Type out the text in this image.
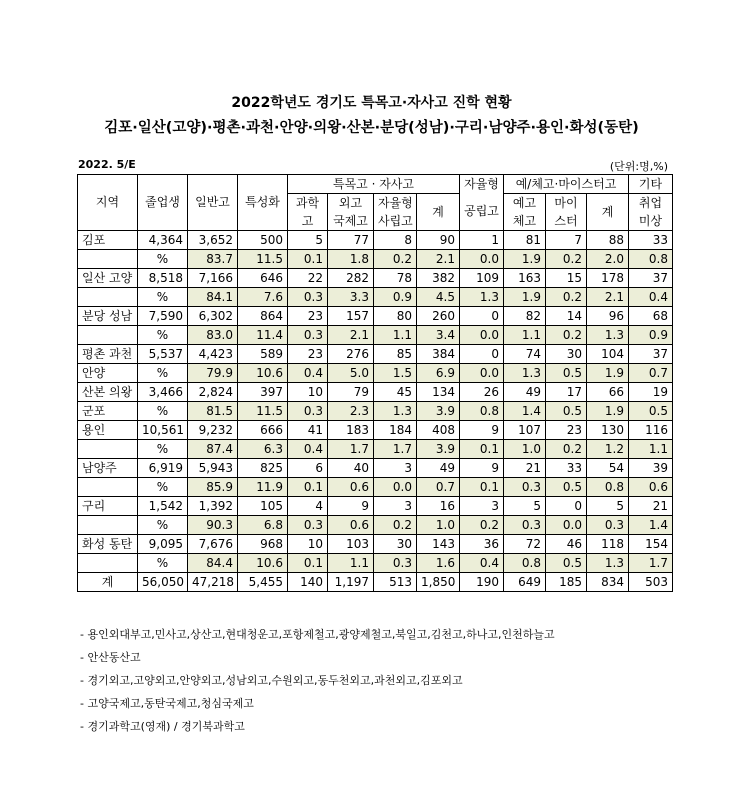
2022학년도 경기도 특목고·자사고 진학 현황
김포·일산(고양)·평촌·과천·안양·의왕·산본·분당(성남)·구리·남양주·용인·화성(동탄)
2022. 5/E	(단위:명,%)
지역	졸업생	일반고	특성화	특목고 · 자사고				자율형	예/체고·마이스터고			기타
				과학	외고	자율형	계	공립고	예고	마이	계	취업
				고	국제고	사립고			체고	스터		미상
김포	4,364	3,652	500	5	77	8	90	1	81	7	88	33
	%	83.7	11.5	0.1	1.8	0.2	2.1	0.0	1.9	0.2	2.0	0.8
일산 고양	8,518	7,166	646	22	282	78	382	109	163	15	178	37
	%	84.1	7.6	0.3	3.3	0.9	4.5	1.3	1.9	0.2	2.1	0.4
분당 성남	7,590	6,302	864	23	157	80	260	0	82	14	96	68
	%	83.0	11.4	0.3	2.1	1.1	3.4	0.0	1.1	0.2	1.3	0.9
평촌 과천	5,537	4,423	589	23	276	85	384	0	74	30	104	37
안양	%	79.9	10.6	0.4	5.0	1.5	6.9	0.0	1.3	0.5	1.9	0.7
산본 의왕	3,466	2,824	397	10	79	45	134	26	49	17	66	19
군포	%	81.5	11.5	0.3	2.3	1.3	3.9	0.8	1.4	0.5	1.9	0.5
용인	10,561	9,232	666	41	183	184	408	9	107	23	130	116
	%	87.4	6.3	0.4	1.7	1.7	3.9	0.1	1.0	0.2	1.2	1.1
남양주	6,919	5,943	825	6	40	3	49	9	21	33	54	39
	%	85.9	11.9	0.1	0.6	0.0	0.7	0.1	0.3	0.5	0.8	0.6
구리	1,542	1,392	105	4	9	3	16	3	5	0	5	21
	%	90.3	6.8	0.3	0.6	0.2	1.0	0.2	0.3	0.0	0.3	1.4
화성 동탄	9,095	7,676	968	10	103	30	143	36	72	46	118	154
	%	84.4	10.6	0.1	1.1	0.3	1.6	0.4	0.8	0.5	1.3	1.7
계	56,050	47,218	5,455	140	1,197	513	1,850	190	649	185	834	503
- 용인외대부고,민사고,상산고,현대청운고,포항제철고,광양제철고,북일고,김천고,하나고,인천하늘고
- 안산동산고
- 경기외고,고양외고,안양외고,성남외고,수원외고,동두천외고,과천외고,김포외고
- 고양국제고,동탄국제고,청심국제고
- 경기과학고(영재) / 경기북과학고
